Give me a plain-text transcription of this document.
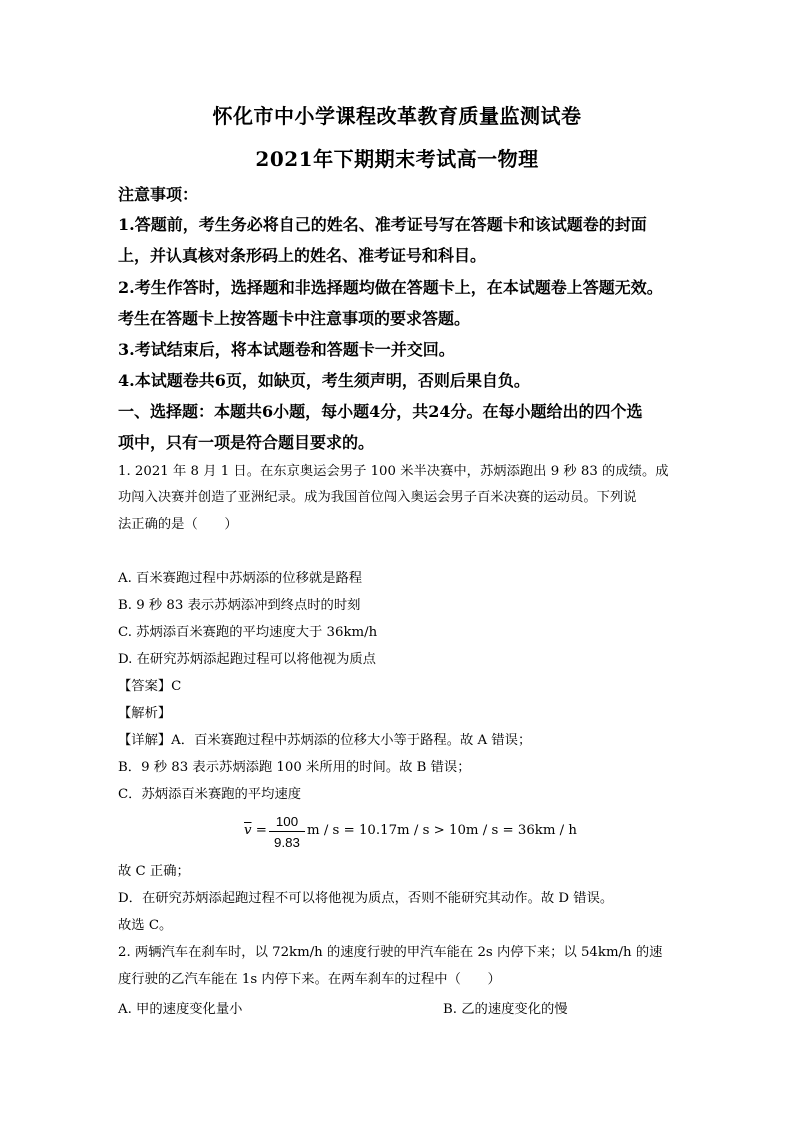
怀化市中小学课程改革教育质量监测试卷
2021年下期期末考试高一物理
注意事项：
1.答题前，考生务必将自己的姓名、准考证号写在答题卡和该试题卷的封面
上，并认真核对条形码上的姓名、准考证号和科目。
2.考生作答时，选择题和非选择题均做在答题卡上，在本试题卷上答题无效。
考生在答题卡上按答题卡中注意事项的要求答题。
3.考试结束后，将本试题卷和答题卡一并交回。
4.本试题卷共6页，如缺页，考生须声明，否则后果自负。
一、选择题：本题共6小题，每小题4分，共24分。在每小题给出的四个选
项中，只有一项是符合题目要求的。
1. 2021 年 8 月 1 日。在东京奥运会男子 100 米半决赛中，苏炳添跑出 9 秒 83 的成绩。成
功闯入决赛并创造了亚洲纪录。成为我国首位闯入奥运会男子百米决赛的运动员。下列说
法正确的是（　　）
A. 百米赛跑过程中苏炳添的位移就是路程
B. 9 秒 83 表示苏炳添冲到终点时的时刻
C. 苏炳添百米赛跑的平均速度大于 36km/h
D. 在研究苏炳添起跑过程可以将他视为质点
【答案】C
【解析】
【详解】A．百米赛跑过程中苏炳添的位移大小等于路程。故 A 错误；
B．9 秒 83 表示苏炳添跑 100 米所用的时间。故 B 错误；
C．苏炳添百米赛跑的平均速度
$\overline{v}$ =
100
9.83
m / s = 10.17m / s > 10m / s = 36km / h
故 C 正确；
D．在研究苏炳添起跑过程不可以将他视为质点，否则不能研究其动作。故 D 错误。
故选 C。
2. 两辆汽车在刹车时，以 72km/h 的速度行驶的甲汽车能在 2s 内停下来；以 54km/h 的速
度行驶的乙汽车能在 1s 内停下来。在两车刹车的过程中（　　）
A. 甲的速度变化量小	B. 乙的速度变化的慢
